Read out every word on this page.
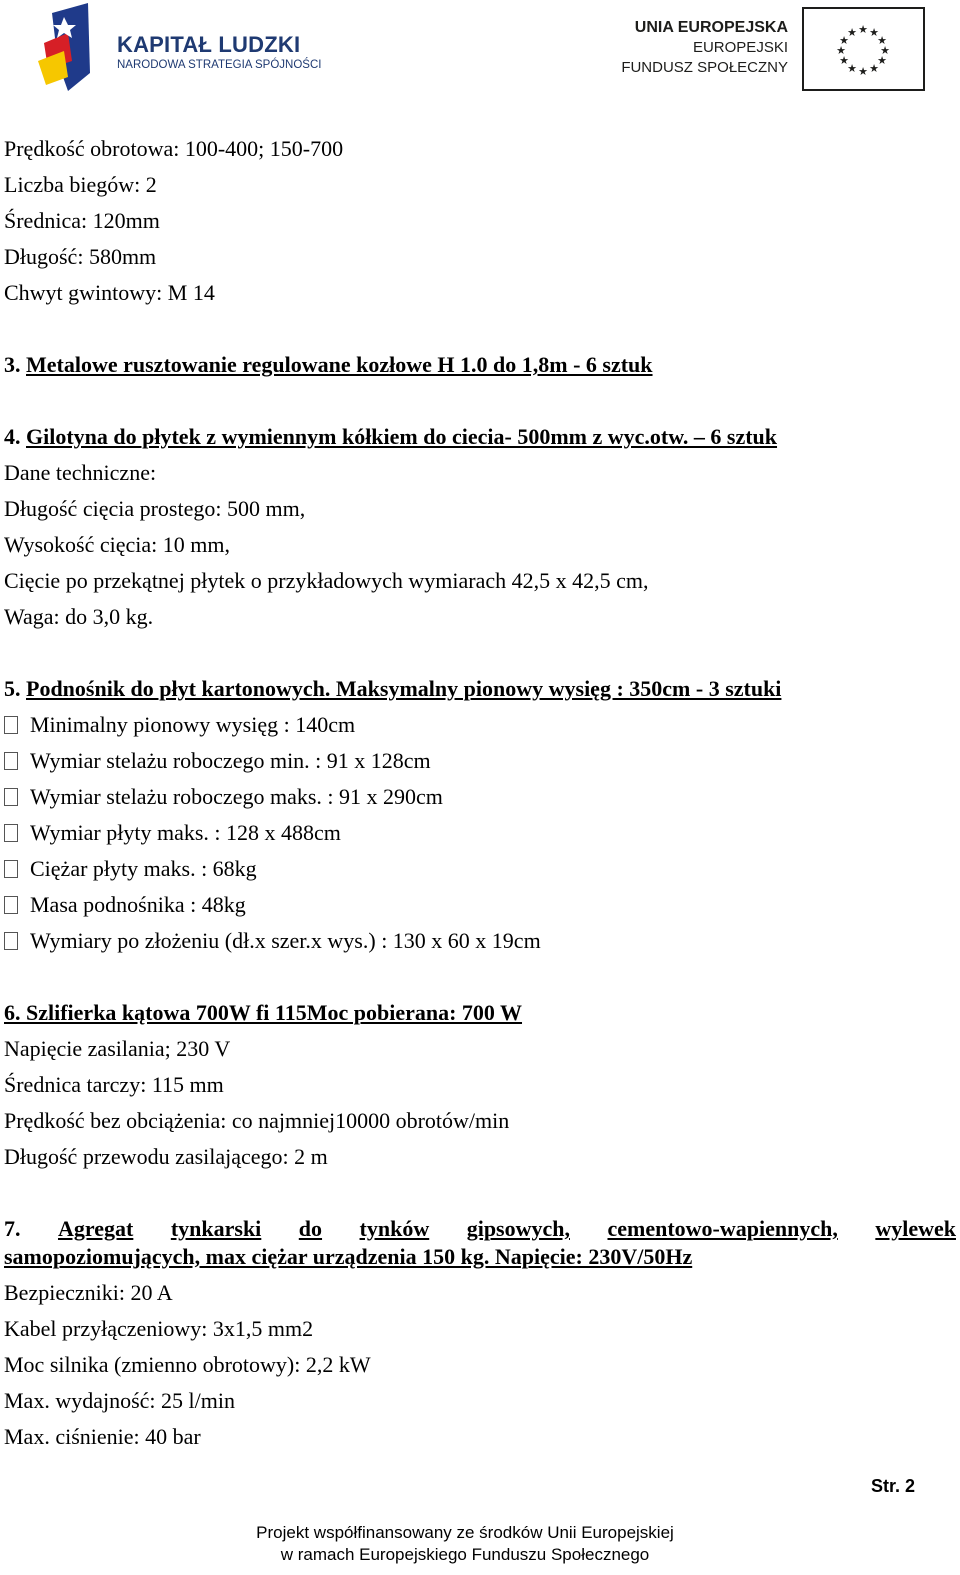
KAPITAŁ LUDZKI
NARODOWA STRATEGIA SPÓJNOŚCI
UNIA EUROPEJSKA
EUROPEJSKI
FUNDUSZ SPOŁECZNY
★ ★
★
★
★
★
★
★
★
★
★
★
Prędkość obrotowa: 100-400; 150-700
Liczba biegów: 2
Średnica: 120mm
Długość: 580mm
Chwyt gwintowy: M 14
3. Metalowe rusztowanie regulowane kozłowe H 1.0 do 1,8m - 6 sztuk
4. Gilotyna do płytek z wymiennym kółkiem do ciecia- 500mm z wyc.otw. – 6 sztuk
Dane techniczne:
Długość cięcia prostego: 500 mm,
Wysokość cięcia: 10 mm,
Cięcie po przekątnej płytek o przykładowych wymiarach 42,5 x 42,5 cm,
Waga: do 3,0 kg.
5. Podnośnik do płyt kartonowych. Maksymalny pionowy wysięg : 350cm - 3 sztuki
Minimalny pionowy wysięg : 140cm
Wymiar stelażu roboczego min. : 91 x 128cm
Wymiar stelażu roboczego maks. : 91 x 290cm
Wymiar płyty maks. : 128 x 488cm
Ciężar płyty maks. : 68kg
Masa podnośnika : 48kg
Wymiary po złożeniu (dł.x szer.x wys.) : 130 x 60 x 19cm
6. Szlifierka kątowa 700W fi 115Moc pobierana: 700 W
Napięcie zasilania; 230 V
Średnica tarczy: 115 mm
Prędkość bez obciążenia: co najmniej10000 obrotów/min
Długość przewodu zasilającego: 2 m
7. Agregat tynkarski do tynków gipsowych, cementowo-wapiennych, wylewek
samopoziomujących, max ciężar urządzenia 150 kg. Napięcie: 230V/50Hz
Bezpieczniki: 20 A
Kabel przyłączeniowy: 3x1,5 mm2
Moc silnika (zmienno obrotowy): 2,2 kW
Max. wydajność: 25 l/min
Max. ciśnienie: 40 bar
Str. 2
Projekt współfinansowany ze środków Unii Europejskiej
w ramach Europejskiego Funduszu Społecznego
